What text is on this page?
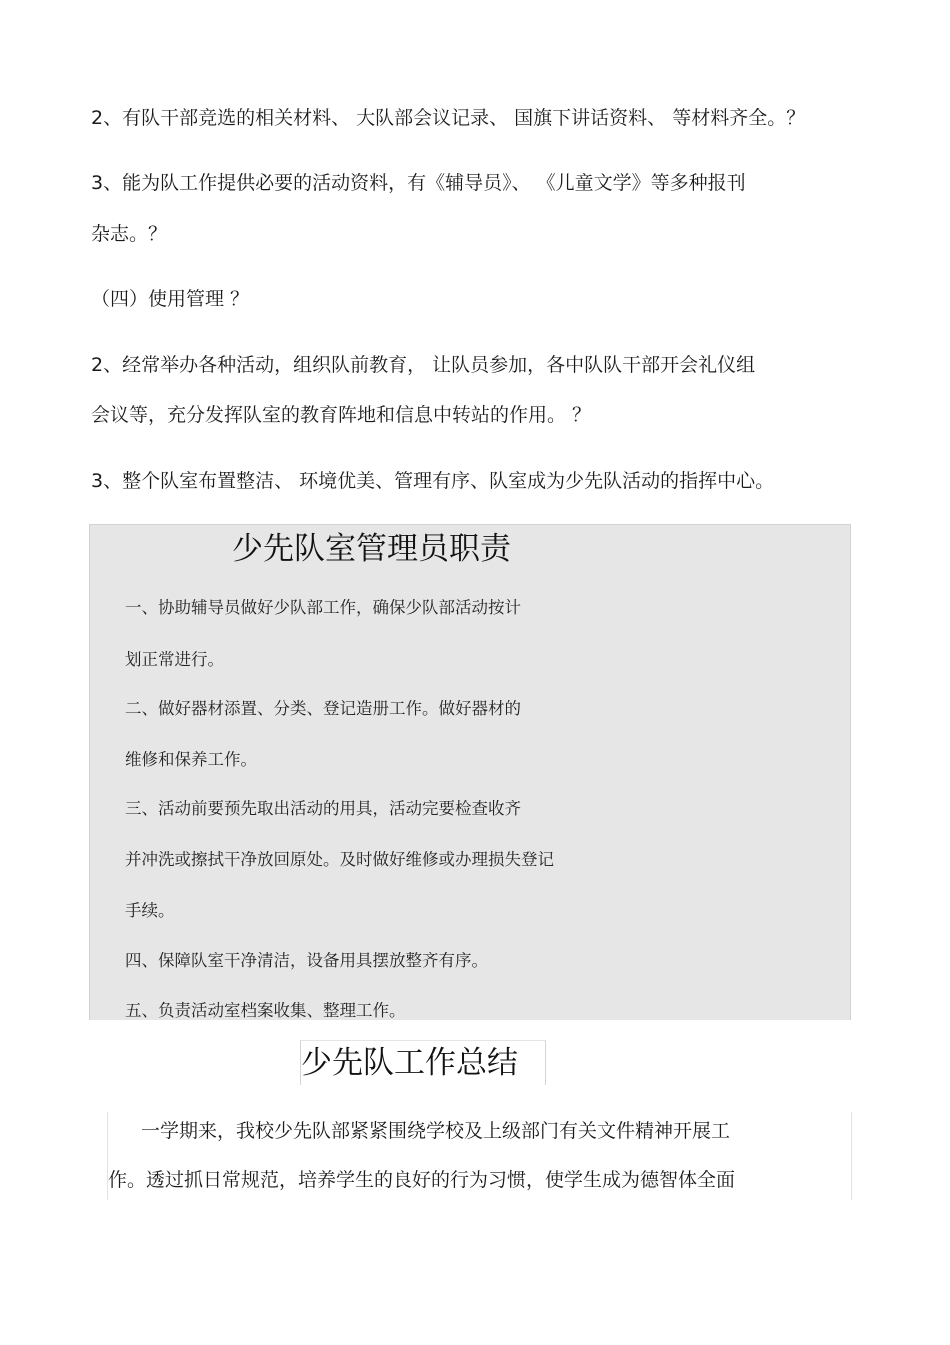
2、有队干部竞选的相关材料、 大队部会议记录、 国旗下讲话资料、 等材料齐全。？
3、能为队工作提供必要的活动资料，有《辅导员》、 《儿童文学》等多种报刊
杂志。？
（四）使用管理 ？
2、经常举办各种活动，组织队前教育， 让队员参加，各中队队干部开会礼仪组
会议等，充分发挥队室的教育阵地和信息中转站的作用。 ？
3、整个队室布置整洁、 环境优美、管理有序、队室成为少先队活动的指挥中心。
少先队室管理员职责
一、协助辅导员做好少队部工作，确保少队部活动按计
划正常进行。
二、做好器材添置、分类、登记造册工作。做好器材的
维修和保养工作。
三、活动前要预先取出活动的用具，活动完要检查收齐
并冲洗或擦拭干净放回原处。及时做好维修或办理损失登记
手续。
四、保障队室干净清洁，设备用具摆放整齐有序。
五、负责活动室档案收集、整理工作。
少先队工作总结
一学期来，我校少先队部紧紧围绕学校及上级部门有关文件精神开展工
作。透过抓日常规范，培养学生的良好的行为习惯，使学生成为德智体全面
